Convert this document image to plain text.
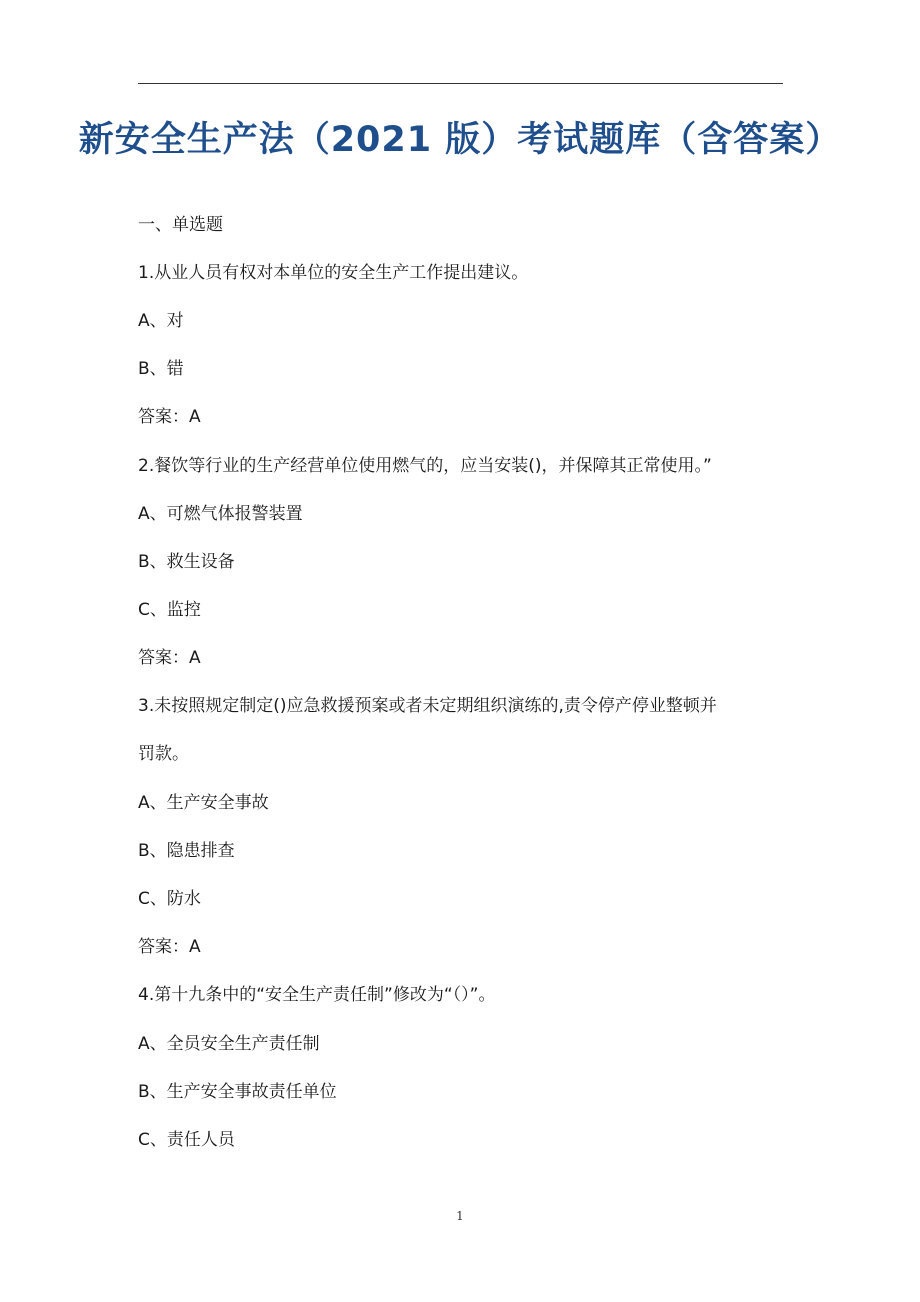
新安全生产法（2021 版）考试题库（含答案）

一、单选题

1.从业人员有权对本单位的安全生产工作提出建议。

A、对

B、错

答案：A

2.餐饮等行业的生产经营单位使用燃气的，应当安装()，并保障其正常使用。”

A、可燃气体报警装置

B、救生设备

C、监控

答案：A

3.未按照规定制定()应急救援预案或者未定期组织演练的,责令停产停业整顿并

罚款。

A、生产安全事故

B、隐患排查

C、防水

答案：A

4.第十九条中的“安全生产责任制”修改为“（）”。

A、全员安全生产责任制

B、生产安全事故责任单位

C、责任人员

1
